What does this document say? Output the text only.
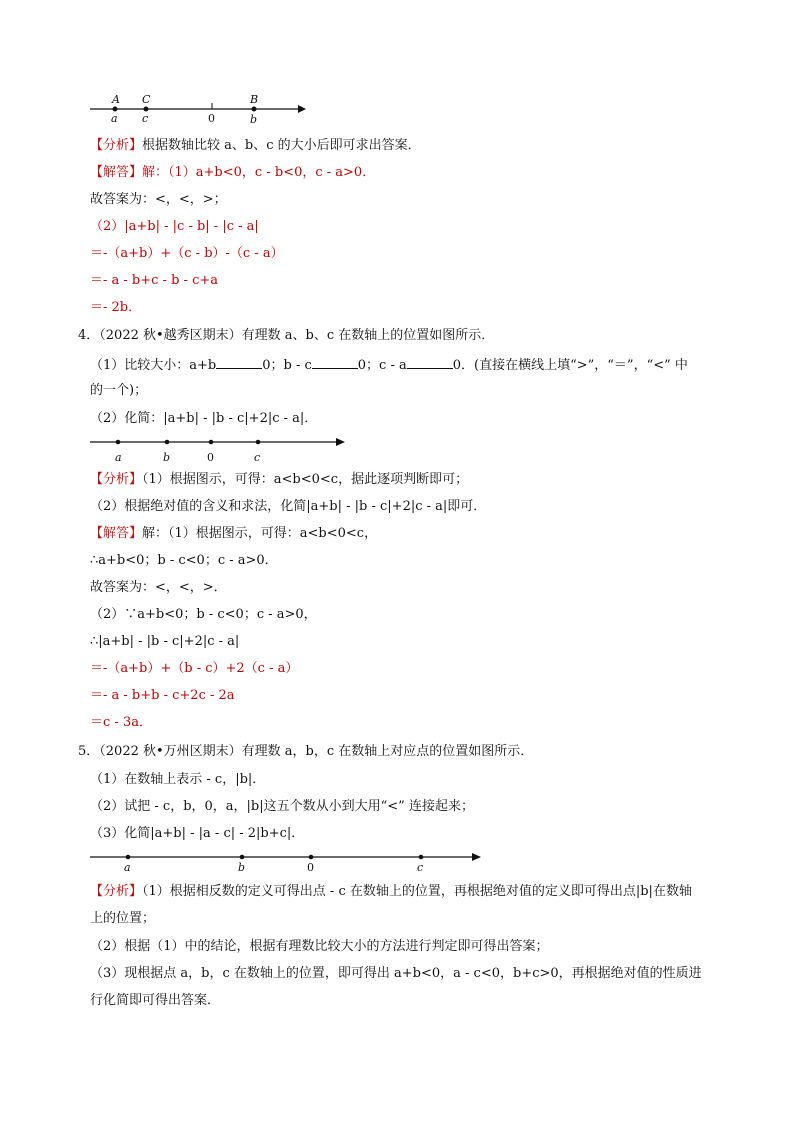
A C	B
a c	0	b
a	b	0	c
a	b	0	c
【分析】根据数轴比较 a、b、c 的大小后即可求出答案．
【解答】解：（1）a+b<0，c - b<0，c - a>0．
故答案为：<，<，>；
（2）|a+b| - |c - b| - |c - a|
＝-（a+b）+（c - b）-（c - a）
＝- a - b+c - b - c+a
＝- 2b．
4．（2022 秋•越秀区期末）有理数 a、b、c 在数轴上的位置如图所示．
（1）比较大小：a+b	0；b - c	0；c - a	0．(直接在横线上填“>”，“＝”，“<” 中
的一个)；
（2）化简：|a+b| - |b - c|+2|c - a|．
【分析】（1）根据图示，可得：a<b<0<c，据此逐项判断即可；
（2）根据绝对值的含义和求法，化简|a+b| - |b - c|+2|c - a|即可．
【解答】解：（1）根据图示，可得：a<b<0<c，
∴a+b<0；b - c<0；c - a>0．
故答案为：<，<，>．
（2）∵a+b<0；b - c<0；c - a>0，
∴|a+b| - |b - c|+2|c - a|
＝-（a+b）+（b - c）+2（c - a）
＝- a - b+b - c+2c - 2a
＝c - 3a．
5．（2022 秋•万州区期末）有理数 a，b，c 在数轴上对应点的位置如图所示．
（1）在数轴上表示 - c，|b|．
（2）试把 - c，b，0，a，|b|这五个数从小到大用“<” 连接起来；
（3）化简|a+b| - |a - c| - 2|b+c|．
【分析】（1）根据相反数的定义可得出点 - c 在数轴上的位置，再根据绝对值的定义即可得出点|b|在数轴
上的位置；
（2）根据（1）中的结论，根据有理数比较大小的方法进行判定即可得出答案；
（3）现根据点 a，b，c 在数轴上的位置，即可得出 a+b<0，a - c<0，b+c>0，再根据绝对值的性质进
行化简即可得出答案．
